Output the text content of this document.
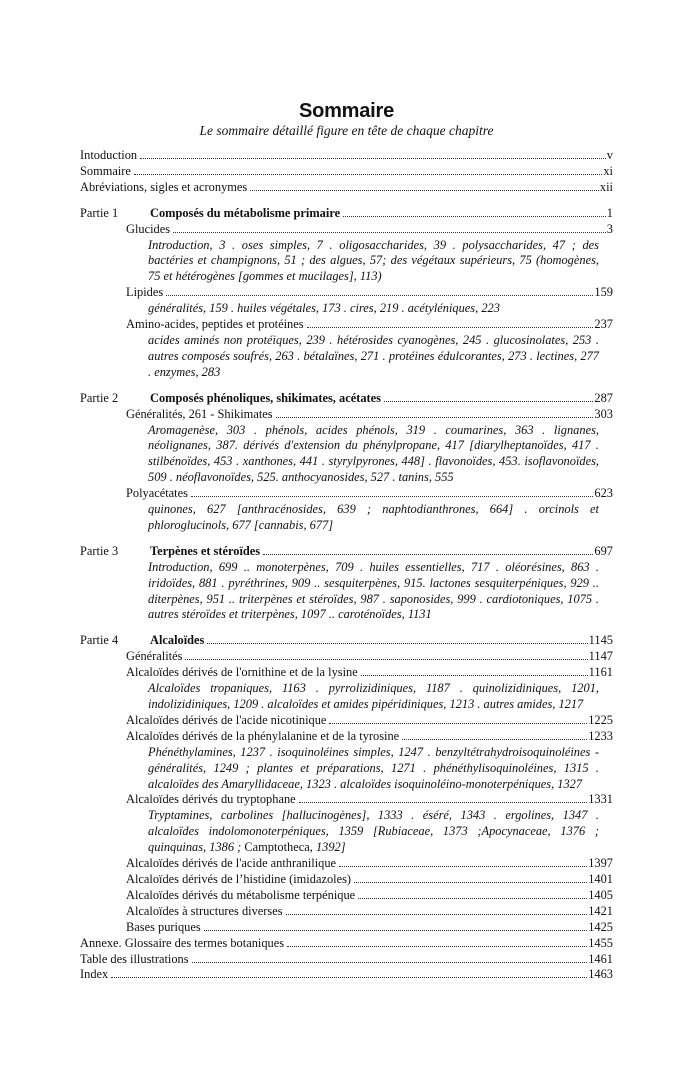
Sommaire

Le sommaire détaillé figure en tête de chaque chapitre

Intoduction	v
Sommaire	xi
Abréviations, sigles et acronymes	xii
Partie 1	Composés du métabolisme primaire	1
Glucides	3
Introduction, 3 . oses simples, 7 . oligosaccharides, 39 . polysaccharides, 47 ; des bactéries et champignons, 51 ; des algues, 57; des végétaux supérieurs, 75 (homogènes, 75 et hétérogènes [gommes et mucilages], 113)
Lipides	159
généralités, 159 . huiles végétales, 173 . cires, 219 . acétyléniques, 223
Amino-acides, peptides et protéines	237
acides aminés non protéiques, 239 . hétérosides cyanogènes, 245 . glucosinolates, 253 . autres composés soufrés, 263 . bétalaïnes, 271 . protéines édulcorantes, 273 . lectines, 277 . enzymes, 283
Partie 2	Composés phénoliques, shikimates, acétates	287
Généralités, 261 - Shikimates	303
Aromagenèse, 303 . phénols, acides phénols, 319 . coumarines, 363 . lignanes, néolignanes, 387. dérivés d'extension du phénylpropane, 417 [diarylheptanoïdes, 417 . stilbénoïdes, 453 . xanthones, 441 . styrylpyrones, 448] . flavonoïdes, 453. isoflavonoïdes, 509 . néoflavonoïdes, 525. anthocyanosides, 527 . tanins, 555
Polyacétates	623
quinones, 627 [anthracénosides, 639 ; naphtodianthrones, 664] . orcinols et phloroglucinols, 677 [cannabis, 677]
Partie 3	Terpènes et stéroïdes	697
Introduction, 699 .. monoterpènes, 709 . huiles essentielles, 717 . oléorésines, 863 . iridoïdes, 881 . pyréthrines, 909 .. sesquiterpènes, 915. lactones sesquiterpéniques, 929 .. diterpènes, 951 .. triterpènes et stéroïdes, 987 . saponosides, 999 . cardiotoniques, 1075 . autres stéroïdes et triterpènes, 1097 .. caroténoïdes, 1131
Partie 4	Alcaloïdes	1145
Généralités	1147
Alcaloïdes dérivés de l'ornithine et de la lysine	1161
Alcaloïdes tropaniques, 1163 . pyrrolizidiniques, 1187 . quinolizidiniques, 1201, indolizidiniques, 1209 . alcaloïdes et amides pipéridiniques, 1213 . autres amides, 1217
Alcaloïdes dérivés de l'acide nicotinique	1225
Alcaloïdes dérivés de la phénylalanine et de la tyrosine	1233
Phénéthylamines, 1237 . isoquinoléines simples, 1247 . benzyltétrahydroisoquinoléines - généralités, 1249 ; plantes et préparations, 1271 . phénéthylisoquinoléines, 1315 . alcaloïdes des Amaryllidaceae, 1323 . alcaloïdes isoquinoléino-monoterpéniques, 1327
Alcaloïdes dérivés du tryptophane	1331
Tryptamines, carbolines [hallucinogènes], 1333 . éséré, 1343 . ergolines, 1347 . alcaloïdes indolomonoterpéniques, 1359 [Rubiaceae, 1373 ;Apocynaceae, 1376 ; quinquinas, 1386 ; Camptotheca, 1392]
Alcaloïdes dérivés de l'acide anthranilique	1397
Alcaloïdes dérivés de l’histidine (imidazoles)	1401
Alcaloïdes dérivés du métabolisme terpénique	1405
Alcaloïdes à structures diverses	1421
Bases puriques	1425
Annexe. Glossaire des termes botaniques	1455
Table des illustrations	1461
Index	1463
